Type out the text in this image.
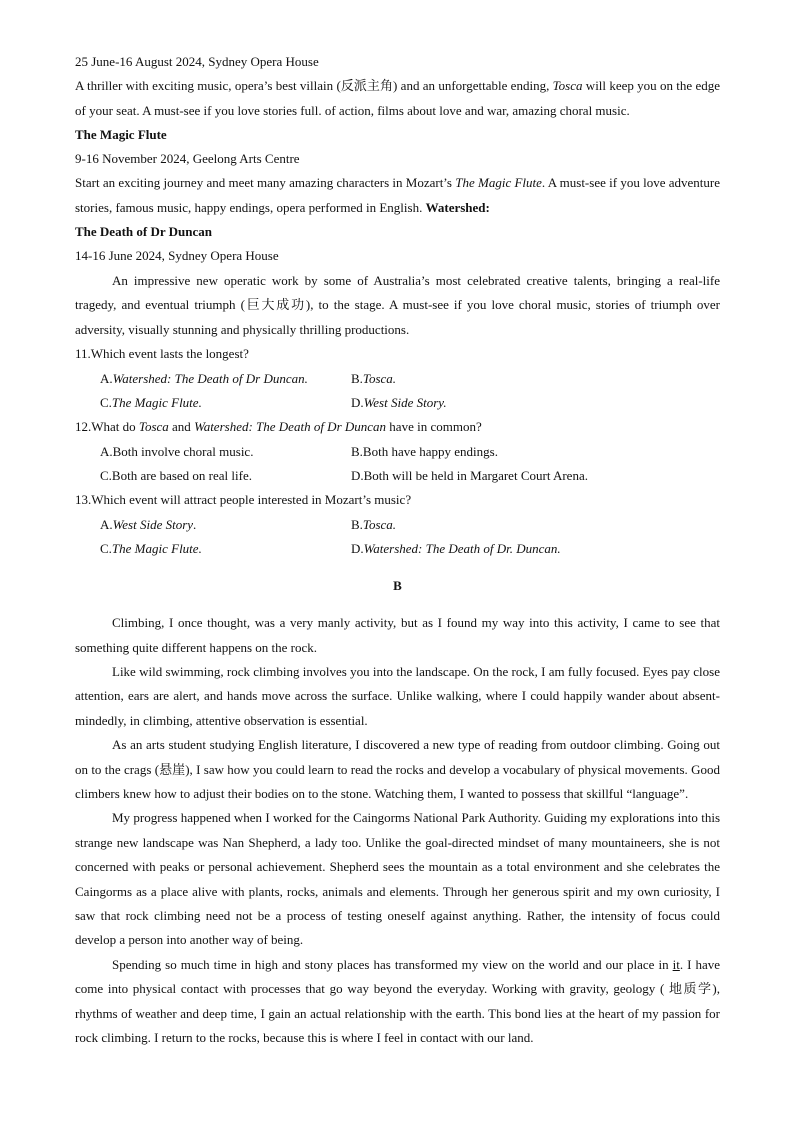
25 June-16 August 2024, Sydney Opera House

A thriller with exciting music, opera’s best villain (反派主角) and an unforgettable ending, Tosca will keep you on the edge of your seat. A must-see if you love stories full. of action, films about love and war, amazing choral music.

The Magic Flute

9-16 November 2024, Geelong Arts Centre

Start an exciting journey and meet many amazing characters in Mozart’s The Magic Flute. A must-see if you love adventure stories, famous music, happy endings, opera performed in English. Watershed:

The Death of Dr Duncan

14-16 June 2024, Sydney Opera House

An impressive new operatic work by some of Australia’s most celebrated creative talents, bringing a real-life tragedy, and eventual triumph (巨大成功), to the stage. A must-see if you love choral music, stories of triumph over adversity, visually stunning and physically thrilling productions.

11.Which event lasts the longest?

A.Watershed: The Death of Dr Duncan.	B.Tosca.
C.The Magic Flute.	D.West Side Story.

12.What do Tosca and Watershed: The Death of Dr Duncan have in common?

A.Both involve choral music.	B.Both have happy endings.
C.Both are based on real life.	D.Both will be held in Margaret Court Arena.

13.Which event will attract people interested in Mozart’s music?

A.West Side Story.	B.Tosca.
C.The Magic Flute.	D.Watershed: The Death of Dr. Duncan.

B

Climbing, I once thought, was a very manly activity, but as I found my way into this activity, I came to see that something quite different happens on the rock.

Like wild swimming, rock climbing involves you into the landscape. On the rock, I am fully focused. Eyes pay close attention, ears are alert, and hands move across the surface. Unlike walking, where I could happily wander about absent-mindedly, in climbing, attentive observation is essential.

As an arts student studying English literature, I discovered a new type of reading from outdoor climbing. Going out on to the crags (悬崖), I saw how you could learn to read the rocks and develop a vocabulary of physical movements. Good climbers knew how to adjust their bodies on to the stone. Watching them, I wanted to possess that skillful “language”.

My progress happened when I worked for the Caingorms National Park Authority. Guiding my explorations into this strange new landscape was Nan Shepherd, a lady too. Unlike the goal-directed mindset of many mountaineers, she is not concerned with peaks or personal achievement. Shepherd sees the mountain as a total environment and she celebrates the Caingorms as a place alive with plants, rocks, animals and elements. Through her generous spirit and my own curiosity, I saw that rock climbing need not be a process of testing oneself against anything. Rather, the intensity of focus could develop a person into another way of being.

Spending so much time in high and stony places has transformed my view on the world and our place in it. I have come into physical contact with processes that go way beyond the everyday. Working with gravity, geology ( 地质学), rhythms of weather and deep time, I gain an actual relationship with the earth. This bond lies at the heart of my passion for rock climbing. I return to the rocks, because this is where I feel in contact with our land.
